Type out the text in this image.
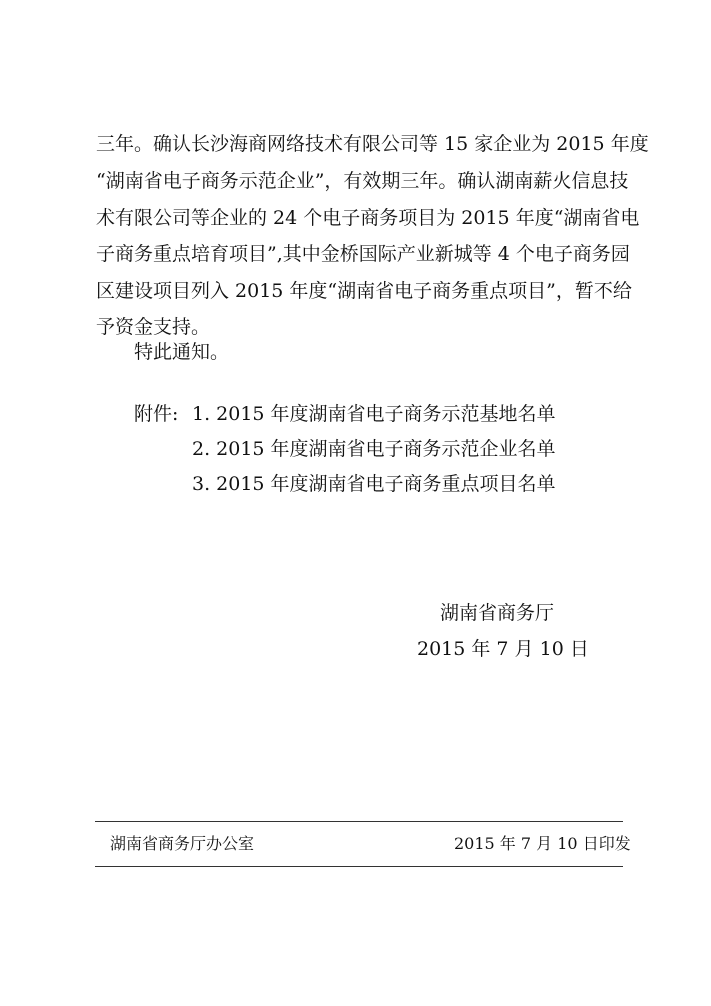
三年。确认长沙海商网络技术有限公司等 15 家企业为 2015 年度
“湖南省电子商务示范企业”，有效期三年。确认湖南薪火信息技
术有限公司等企业的 24 个电子商务项目为 2015 年度“湖南省电
子商务重点培育项目”,其中金桥国际产业新城等 4 个电子商务园
区建设项目列入 2015 年度“湖南省电子商务重点项目”，暂不给
予资金支持。
特此通知。
附件: 1. 2015 年度湖南省电子商务示范基地名单
2. 2015 年度湖南省电子商务示范企业名单
3. 2015 年度湖南省电子商务重点项目名单
湖南省商务厅
2015 年 7 月 10 日
湖南省商务厅办公室	2015 年 7 月 10 日印发
